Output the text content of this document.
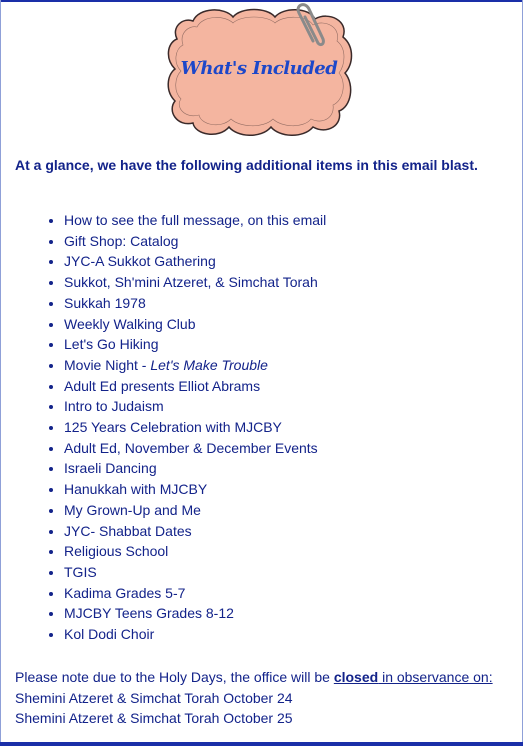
What's Included

At a glance, we have the following additional items in this email blast.

• How to see the full message, on this email
• Gift Shop: Catalog
• JYC-A Sukkot Gathering
• Sukkot, Sh'mini Atzeret, & Simchat Torah
• Sukkah 1978
• Weekly Walking Club
• Let's Go Hiking
• Movie Night - Let's Make Trouble
• Adult Ed presents Elliot Abrams
• Intro to Judaism
• 125 Years Celebration with MJCBY
• Adult Ed, November & December Events
• Israeli Dancing
• Hanukkah with MJCBY
• My Grown-Up and Me
• JYC- Shabbat Dates
• Religious School
• TGIS
• Kadima Grades 5-7
• MJCBY Teens Grades 8-12
• Kol Dodi Choir

Please note due to the Holy Days, the office will be closed in observance on:
Shemini Atzeret & Simchat Torah October 24
Shemini Atzeret & Simchat Torah October 25
